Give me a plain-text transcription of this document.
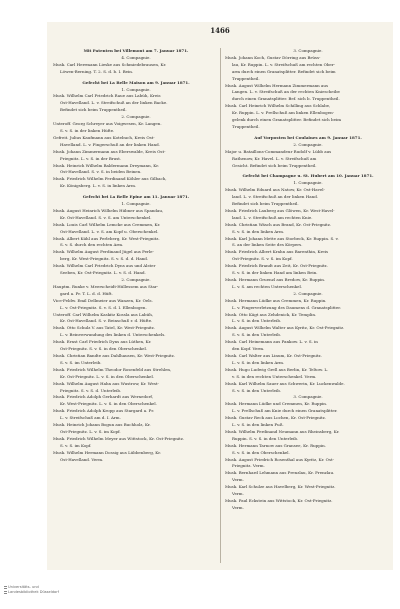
1466
Mit Patenten bei Villemont am 7. Januar 1871.
4. Compagnie.
Musk. Carl Herrmann Lieske aus Schmiedebrausen, Kr.
Löwen-Berning. T. 2. S. d. b. I. Bein.
Gefecht bei La Belle Maison am 9. Januar 1871.
1. Compagnie.
Musk. Wilhelm Carl Friedrich Raue aus Labüh, Kreis
Ost-Havelland. L. v. Streifschuß an der linken Backe.
Befindet sich beim Truppentheil.
2. Compagnie.
Unteroff. Georg Schreyer aus Voigwesen, Kr. Langen.
S. v. S. in der linken Hüfte.
Gefreit. Julius Kaufmann aus Kotebuch, Kreis Ost-
Havelland. L. v. Fingerschuß an der linken Hand.
Musk. Johann Zimmermann aus Eberswalde, Kreis Ost-
Priegnitz. L. v. S. in der Brust.
Musk. Heinrich Wilhelm Baldermann Dreymann, Kr.
Ost-Havelland. S. v. S. in beiden Beinen.
Musk. Friedrich Wilhelm Ferdinand Köhler aus Gilbach,
Kr. Königsberg. L. v. S. in linken Arm.
Gefecht bei La Belle Epine am 11. Januar 1871.
1. Compagnie.
Musk. August Heinrich Wilhelm Hübner aus Spandau,
Kr. Ost-Havelland. S. v. S. am Unterschenkel.
Musk. Louis Carl Wilhelm Lemcke aus Cremmen, Kr.
Ost-Havelland. L. v. S. am Kopf u. Oberschenkel.
Musk. Albert Kühl aus Perleberg, Kr. West-Priegnitz.
S. v. S. durch den rechten Arm.
Musk. Wilhelm August Ferdinand Jügel aus Perle-
berg, Kr. West-Priegnitz. S. v. S. d. d. Hand.
Musk. Wilhelm Carl Friedrich Dyns aus und Alster
Seeben, Kr. Ost-Priegnitz. L. v. S. d. Hand.
2. Compagnie.
Hauptm. Runke v. Meerscheidt-Hüllessem aus Star-
gard a. Pr. T. L. d. d. Hüft.
Vice-Feldw. Emil Dellmeier aus Wanzen, Kr. Oels.
L. v. Ost-Priegnitz. S. v. S. d. I. Ellenbogen.
Unteroff. Carl Wilhelm Kaskitz Kossla aus Labüh,
Kr. Ost-Havelland. S. v. Beinschuß r. d. Hüfte.
Musk. Otto Schulz V. aus Tatel, Kr. West-Priegnitz.
L. v. Beinverwundung des linken d. Unterschenkels.
Musk. Ernst Carl Friedrich Dyns aus Lüthen, Kr.
Ost-Priegnitz. S. v. S. in den Oberschenkel.
Musk. Christian Bandte aus Dahlhausen, Kr. West-Priegnitz.
S. v. S. im Unterleib.
Musk. Friedrich Wilhelm Theodor Rosenfeld aus Strehlen,
Kr. Ost-Priegnitz. L. v. S. in den Oberschenkel.
Musk. Wilhelm August Hahn aus Wustrow, Kr. West-
Priegnitz. S. v. S. d. Unterleib.
Musk. Friedrich Adolph Gerhardt aus Wernedorf,
Kr. West-Priegnitz. L. v. S. in den Oberschenkel.
Musk. Friedrich Adolph Kropp aus Stargard a. Pr.
L. v. Streifschuß am d. I. Arm.
Musk. Heinrich Johann Bogun aus Buchholz, Kr.
Ost-Priegnitz. L. v. S. im Kopf.
Musk. Friedrich Wilhelm Meyer aus Wittstock, Kr. Ost-Priegnitz.
S. v. S. im Kopf.
Musk. Wilhelm Hermann Dossig aus Lübbenberg, Kr.
Ost-Havelland. Verm.
3. Compagnie.
Musk. Johann Koch, Gustav Dörring aus Brüss-
lau, Kr. Ruppin. L. v. Streifschuß am rechten Ober-
arm durch einen Granatsplitter. Befindet sich beim
Truppentheil.
Musk. August Wilhelm Hermann Zimmermann aus
Langen. L. v. Streifschuß an der rechten Kniescheibe
durch einen Granatsplitter. Bef. sich b. Truppentheil.
Musk. Carl Heinrich Wilhelm Schilling aus Schlabe,
Kr. Ruppin. L. v. Prellschuß am linken Ellenbogen-
gelenk durch einen Granatsplitter. Befindet sich beim
Truppentheil.
Auf Vorposten bei Coulaines am 9. Januar 1871.
2. Compagnie.
Major u. Bataillons-Commandeur Rudolf v. Lübb aus
Rathenow, Kr. Havel. L. v. Streifschuß am
Gesicht. Befindet sich beim Truppentheil.
Gefecht bei Champagne u. St. Hubert am 10. Januar 1871.
1. Compagnie.
Musk. Wilhelm Eduard aus Natow, Kr. Ost-Havel-
land. L. v. Streifschuß an der linken Hand.
Befindet sich beim Truppentheil.
Musk. Friedrich Lauberg aus Glöwen, Kr. West-Havel-
land. L. v. Streifschuß am rechten Knie.
Musk. Christian Wäsch aus Brand, Kr. Ost-Priegnitz.
S. v. S. in den linken Arm.
Musk. Karl Johann Mette aus Storbeck, Kr. Ruppin. S. v.
S. an der linken Seite des Körpers.
Musk. Friedrich Albert Krahn aus Barenthin, Kreis
Ost-Priegnitz. S. v. S. im Kopf.
Musk. Friedrich Brandt aus Zeit, Kr. Ost-Priegnitz.
S. v. S. in der linken Hand am linken Bein.
Musk. Hermann Gruenzl aus Bredow, Kr. Ruppin.
L. v. S. am rechten Unterschenkel.
2. Compagnie.
Musk. Hermann Lüdke aus Cremmen, Kr. Ruppin.
L. v. Fingerverletzung des Daumens d. Granatsplitter.
Musk. Otto Kägt aus Zehdenick, Kr. Templin.
L. v. S. in den Unterleib.
Musk. August Wilhelm Walter aus Kyritz, Kr. Ost-Priegnitz.
S. v. S. in den Unterleib.
Musk. Carl Heinemann aus Pankow. L. v. S. in
den Kopf. Verm.
Musk. Carl Walter aus Linum, Kr. Ost-Priegnitz.
L. v. S. in den linken Arm.
Musk. Hugo Ludwig Grell aus Berlin, Kr. Teltow. L.
v. S. in den rechten Unterschenkel. Verm.
Musk. Karl Wilhelm Sauer aus Schwerin, Kr. Luckenwalde.
S. v. S. in den Unterleib.
3. Compagnie.
Musk. Hermann Lüdke und Cremmen, Kr. Ruppin.
L. v. Prellschuß am Knie durch einen Granatsplitter.
Musk. Gustav Reck aus Lochen, Kr. Ost-Priegnitz.
L. v. S. in den linken Fuß.
Musk. Wilhelm Ferdinand Neumann aus Rheinsberg, Kr.
Ruppin. S. v. S. in den Unterleib.
Musk. Hermann Tarnow aus Gransee, Kr. Ruppin.
S. v. S. in den Oberschenkel.
Musk. August Friedrich Rosenthal aus Kyritz, Kr. Ost-
Priegnitz. Verm.
Musk. Bernhard Lehmann aus Prenzlau, Kr. Prenzlau.
Verm.
Musk. Karl Schulze aus Havelberg, Kr. West-Priegnitz.
Verm.
Musk. Paul Eckstein aus Wittstock, Kr. Ost-Priegnitz.
Verm.
Universitäts- und
Landesbibliothek Düsseldorf
